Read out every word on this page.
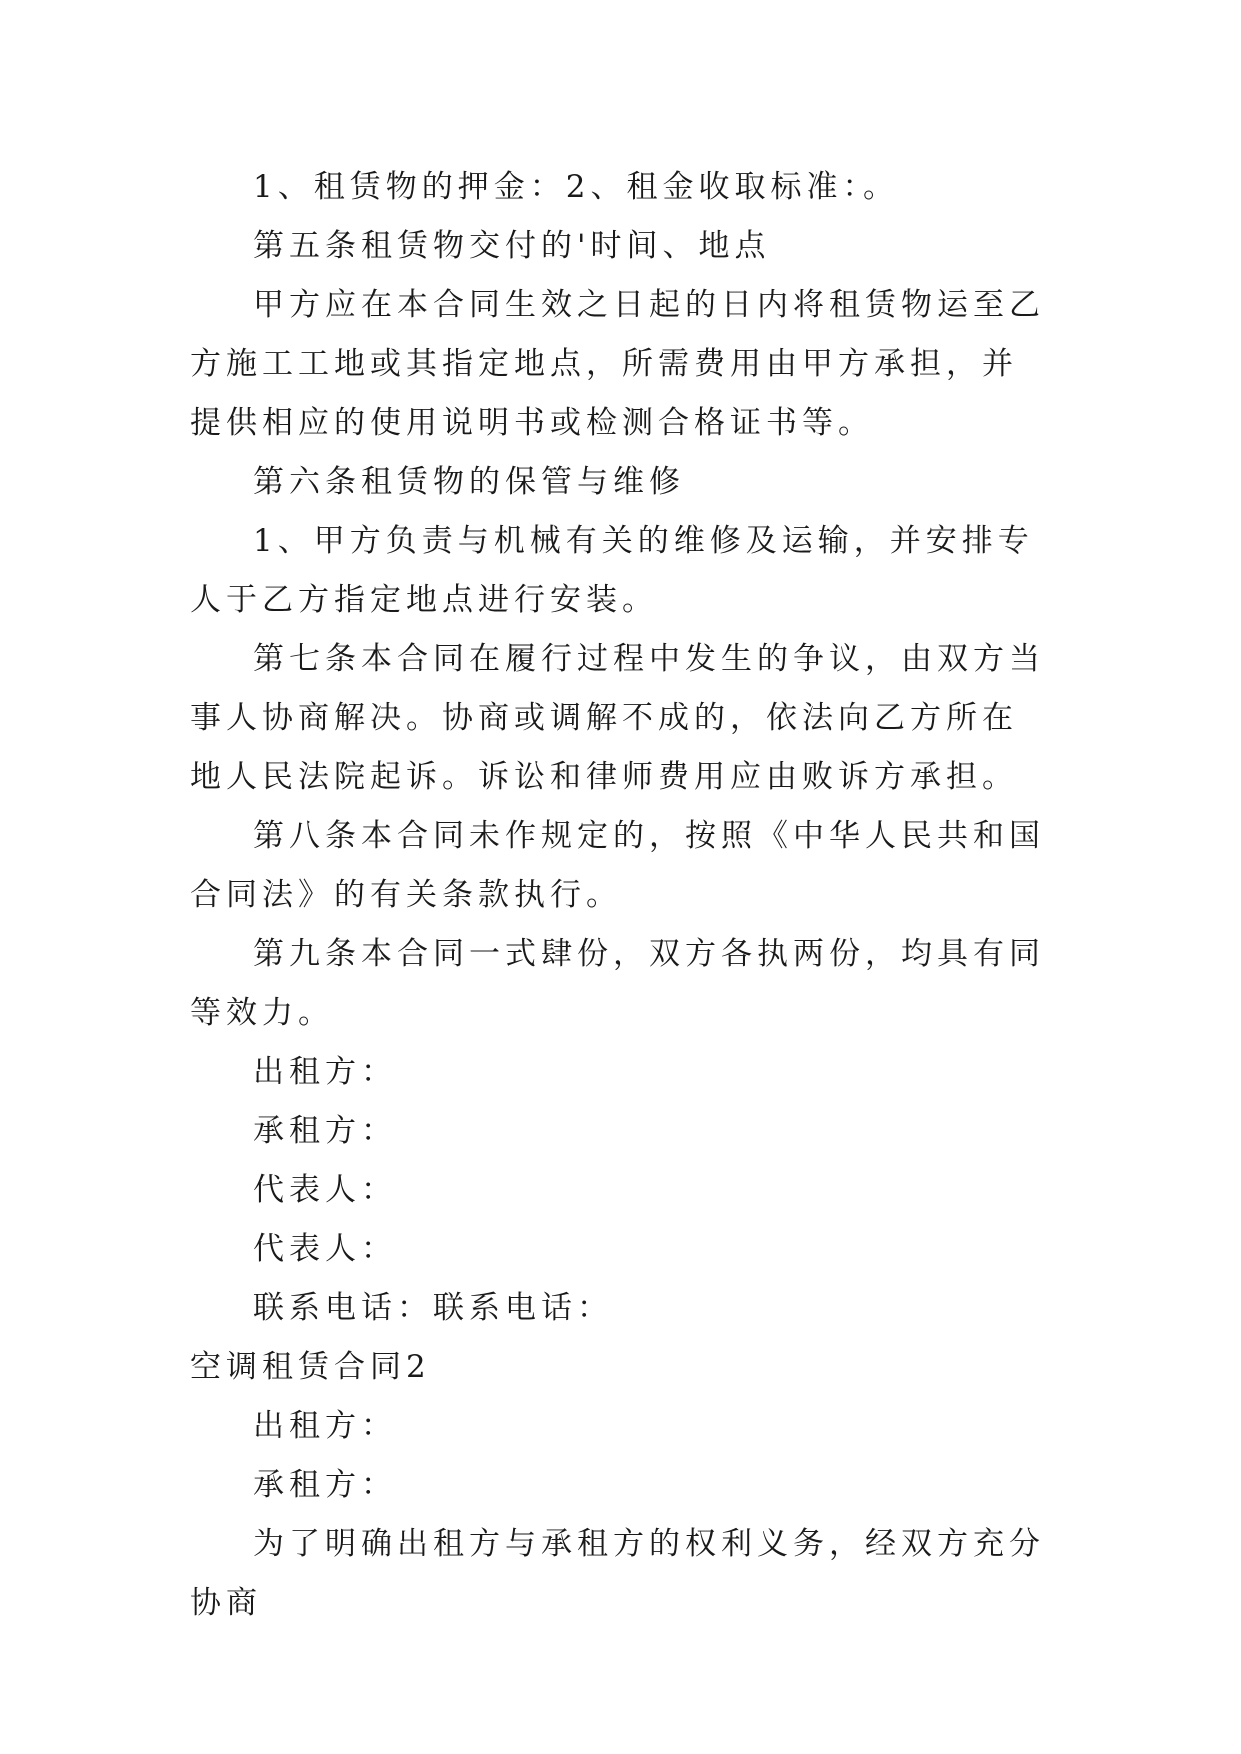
1、租赁物的押金：2、租金收取标准：。

第五条租赁物交付的'时间、地点

甲方应在本合同生效之日起的日内将租赁物运至乙方施工工地或其指定地点，所需费用由甲方承担，并提供相应的使用说明书或检测合格证书等。

第六条租赁物的保管与维修

1、甲方负责与机械有关的维修及运输，并安排专人于乙方指定地点进行安装。

第七条本合同在履行过程中发生的争议，由双方当事人协商解决。协商或调解不成的，依法向乙方所在地人民法院起诉。诉讼和律师费用应由败诉方承担。

第八条本合同未作规定的，按照《中华人民共和国合同法》的有关条款执行。

第九条本合同一式肆份，双方各执两份，均具有同等效力。

出租方：

承租方：

代表人：

代表人：

联系电话：联系电话：

空调租赁合同2

出租方：

承租方：

为了明确出租方与承租方的权利义务，经双方充分协商
